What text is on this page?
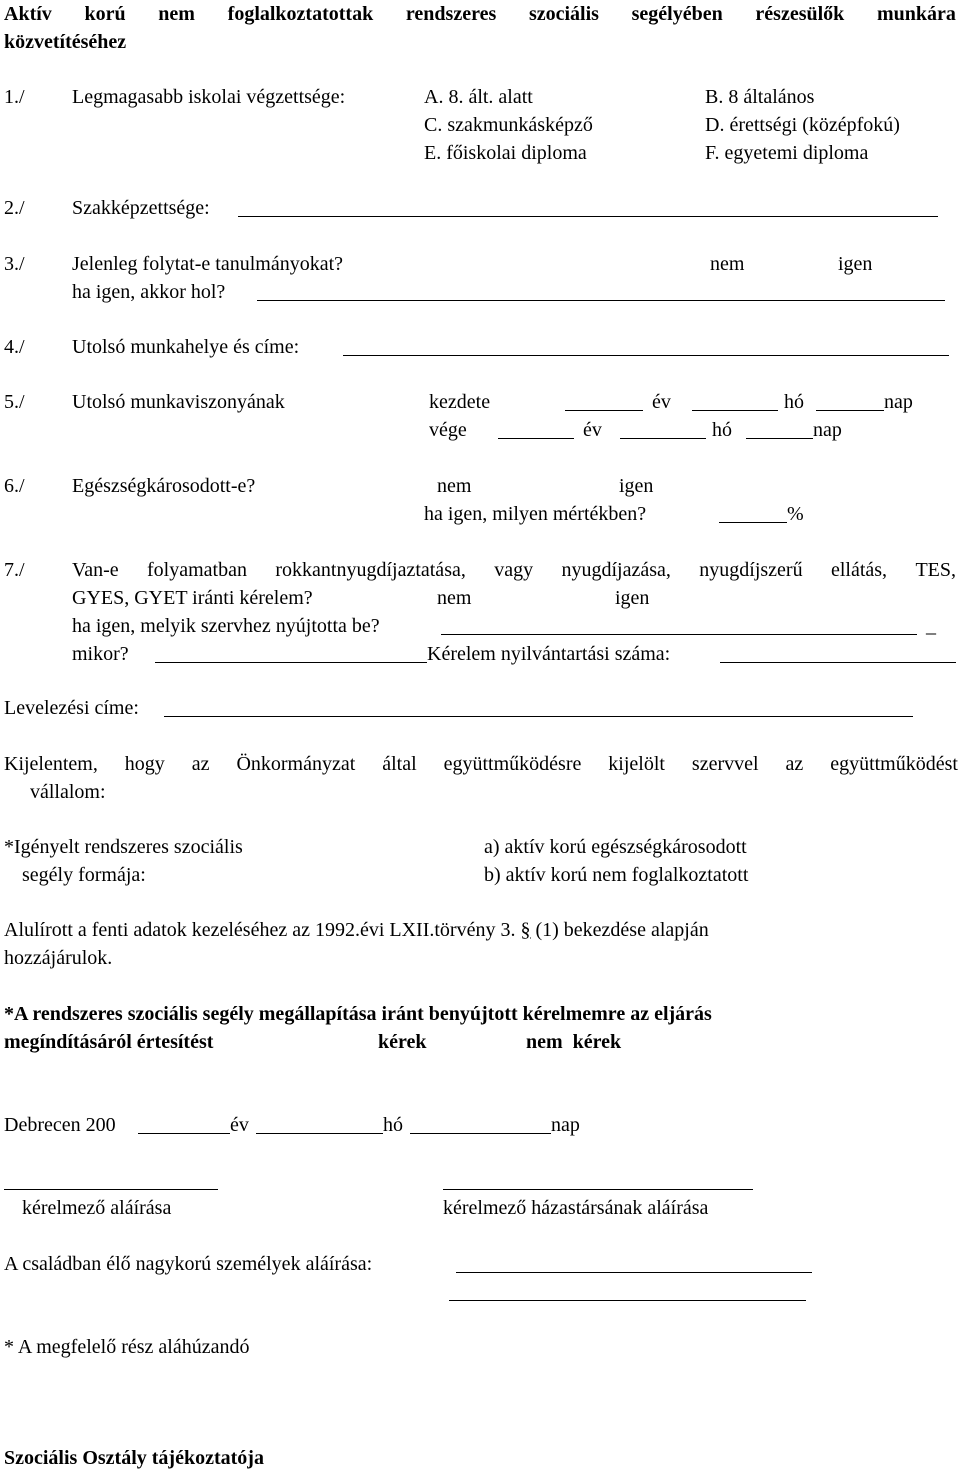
Aktív korú nem foglalkoztatottak rendszeres szociális segélyében részesülők munkára
közvetítéséhez
1./ Legmagasabb iskolai végzettsége:	A. 8. ált. alatt	B. 8 általános
C. szakmunkásképző	D. érettségi (középfokú)
E. főiskolai diploma	F. egyetemi diploma
2./ Szakképzettsége:
3./ Jelenleg folytat-e tanulmányokat?	nem	igen
ha igen, akkor hol?
4./ Utolsó munkahelye és címe:
5./ Utolsó munkaviszonyának	kezdete	év	hó	nap
vége	év	hó	nap
6./ Egészségkárosodott-e?	nem	igen
ha igen, milyen mértékben?	%
7./ Van-e folyamatban rokkantnyugdíjaztatása, vagy nyugdíjazása, nyugdíjszerű ellátás, TES,
GYES, GYET iránti kérelem?	nem	igen
ha igen, melyik szervhez nyújtotta be?	_
mikor?	Kérelem nyilvántartási száma:
Levelezési címe:
Kijelentem, hogy az Önkormányzat által együttműködésre kijelölt szervvel az együttműködést
vállalom:
*Igényelt rendszeres szociális
segély formája:
a) aktív korú egészségkárosodott
b) aktív korú nem foglalkoztatott
Alulírott a fenti adatok kezeléséhez az 1992.évi LXII.törvény 3. § (1) bekezdése alapján
hozzájárulok.
*A rendszeres szociális segély megállapítása iránt benyújtott kérelmemre az eljárás
megíndításáról értesítést	kérek	nem  kérek
Debrecen 200	év	hó	nap
kérelmező aláírása	kérelmező házastársának aláírása
A családban élő nagykorú személyek aláírása:
* A megfelelő rész aláhúzandó
Szociális Osztály tájékoztatója
